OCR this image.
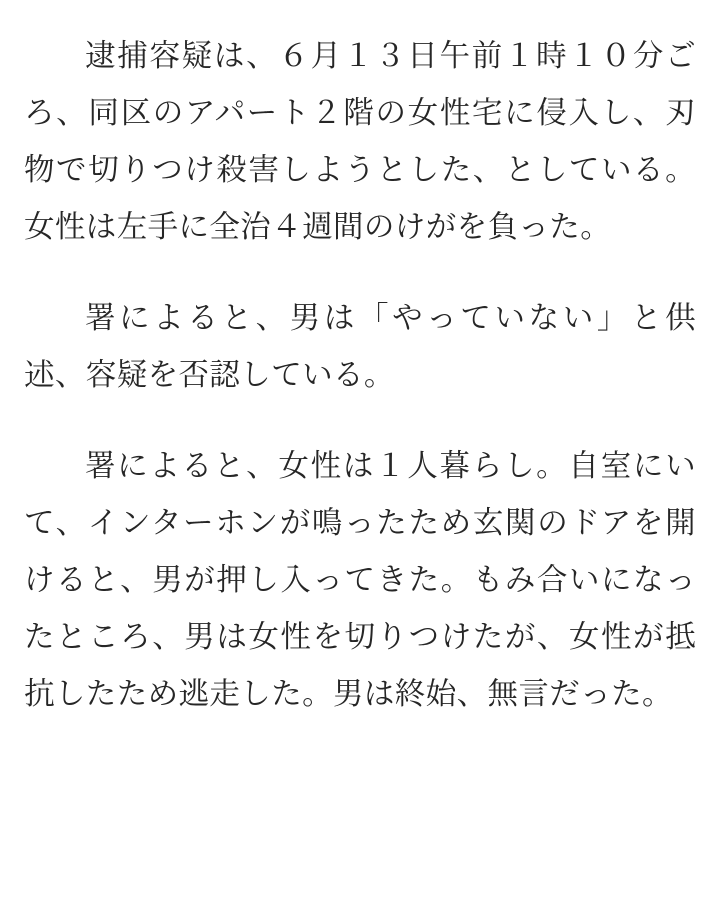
逮捕容疑は、６月１３日午前１時１０分ごろ、同区のアパート２階の女性宅に侵入し、刃物で切りつけ殺害しようとした、としている。女性は左手に全治４週間のけがを負った。

署によると、男は「やっていない」と供述、容疑を否認している。

署によると、女性は１人暮らし。自室にいて、インターホンが鳴ったため玄関のドアを開けると、男が押し入ってきた。もみ合いになったところ、男は女性を切りつけたが、女性が抵抗したため逃走した。男は終始、無言だった。
